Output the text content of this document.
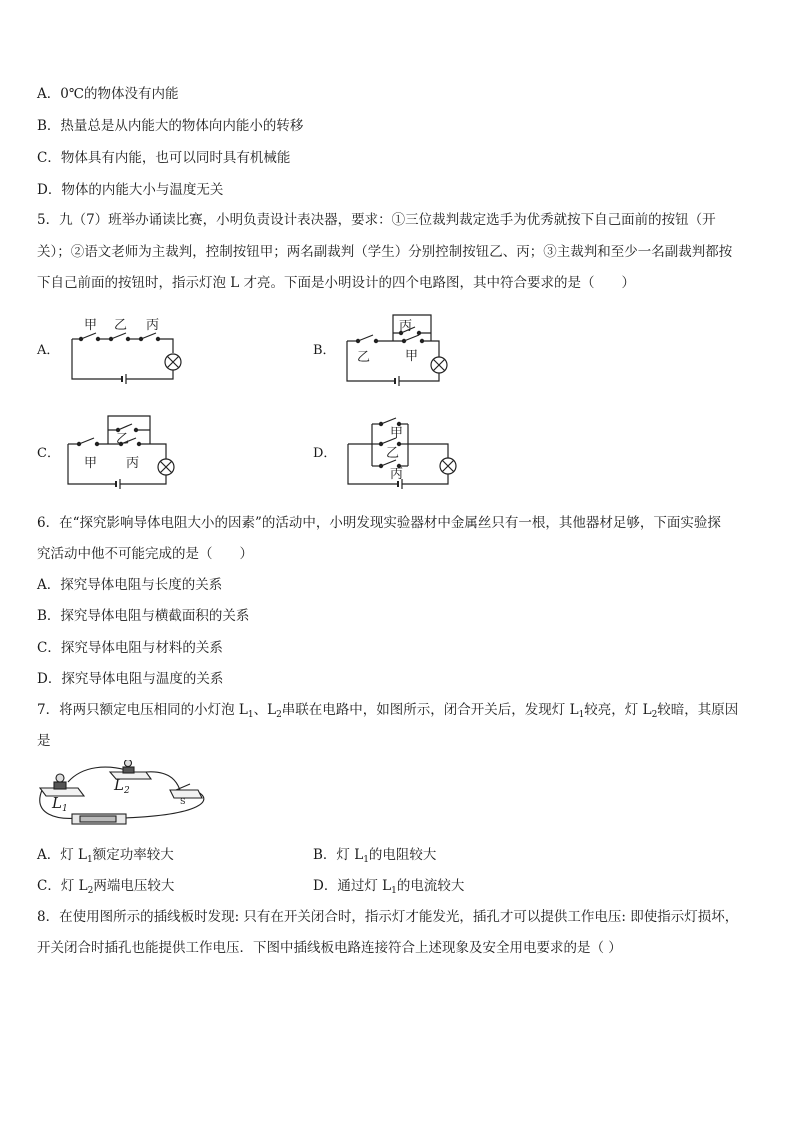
A．0℃的物体没有内能
B．热量总是从内能大的物体向内能小的转移
C．物体具有内能，也可以同时具有机械能
D．物体的内能大小与温度无关
5．九（7）班举办诵读比赛，小明负责设计表决器，要求：①三位裁判裁定选手为优秀就按下自己面前的按钮（开
关）；②语文老师为主裁判，控制按钮甲；两名副裁判（学生）分别控制按钮乙、丙；③主裁判和至少一名副裁判都按
下自己前面的按钮时，指示灯泡 L 才亮。下面是小明设计的四个电路图，其中符合要求的是（　　）
A．
甲 乙 丙
B．
丙
乙	甲
C．
乙
甲 丙
D．
甲
乙
丙
6．在“探究影响导体电阻大小的因素”的活动中，小明发现实验器材中金属丝只有一根，其他器材足够，下面实验探
究活动中他不可能完成的是（　　）
A．探究导体电阻与长度的关系
B．探究导体电阻与横截面积的关系
C．探究导体电阻与材料的关系
D．探究导体电阻与温度的关系
7．将两只额定电压相同的小灯泡 $L_1$、$L_2$串联在电路中，如图所示，闭合开关后，发现灯 $L_1$较亮，灯 $L_2$较暗，其原因
是
$L_1$
$L_2$
S
A．灯 $L_1$额定功率较大	B．灯 $L_1$的电阻较大
C．灯 $L_2$两端电压较大	D．通过灯 $L_1$的电流较大
8．在使用图所示的插线板时发现: 只有在开关闭合时，指示灯才能发光，插孔才可以提供工作电压: 即使指示灯损坏，
开关闭合时插孔也能提供工作电压．下图中插线板电路连接符合上述现象及安全用电要求的是（ ）
